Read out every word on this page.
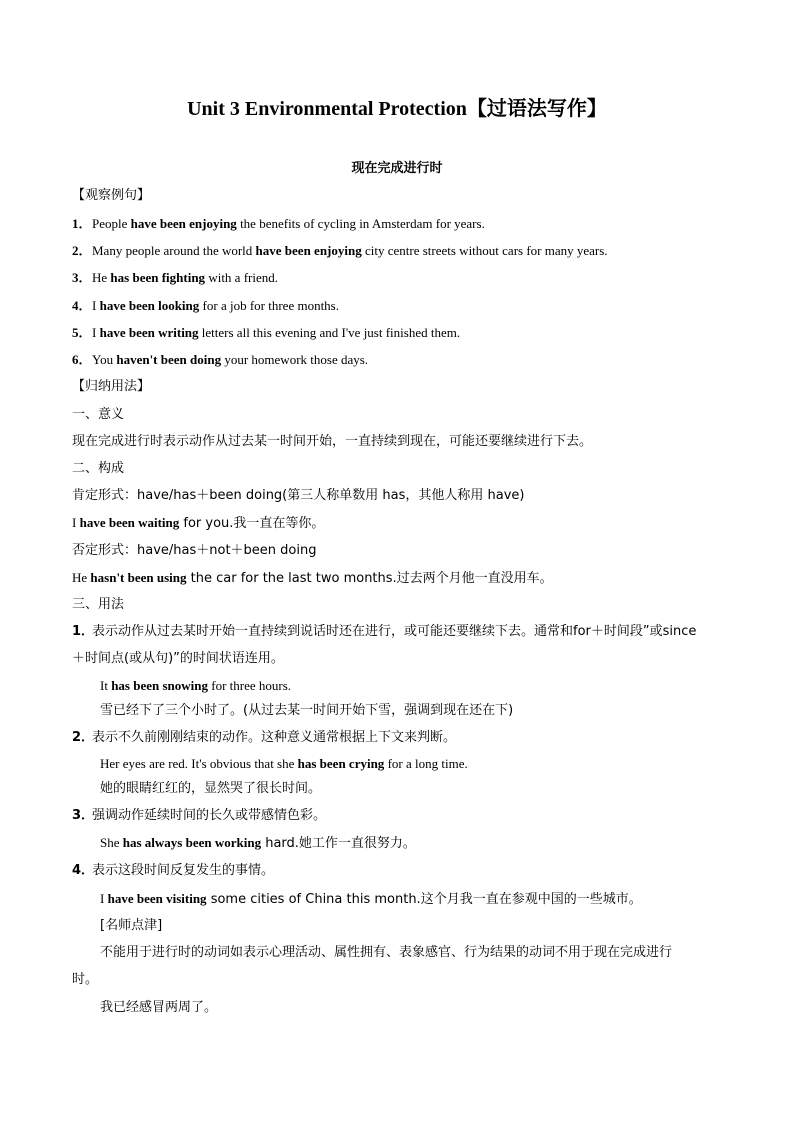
Unit 3 Environmental Protection【过语法写作】
现在完成进行时
【观察例句】
1．People have been enjoying the benefits of cycling in Amsterdam for years.
2．Many people around the world have been enjoying city centre streets without cars for many years.
3．He has been fighting with a friend.
4．I have been looking for a job for three months.
5．I have been writing letters all this evening and I've just finished them.
6．You haven't been doing your homework those days.
【归纳用法】
一、意义
现在完成进行时表示动作从过去某一时间开始，一直持续到现在，可能还要继续进行下去。
二、构成
肯定形式：have/has＋been doing(第三人称单数用 has，其他人称用 have)
I have been waiting for you.我一直在等你。
否定形式：have/has＋not＋been doing
He hasn't been using the car for the last two months.过去两个月他一直没用车。
三、用法
1．表示动作从过去某时开始一直持续到说话时还在进行，或可能还要继续下去。通常和for＋时间段”或since
＋时间点(或从句)”的时间状语连用。
It has been snowing for three hours.
雪已经下了三个小时了。(从过去某一时间开始下雪，强调到现在还在下)
2．表示不久前刚刚结束的动作。这种意义通常根据上下文来判断。
Her eyes are red. It's obvious that she has been crying for a long time.
她的眼睛红红的，显然哭了很长时间。
3．强调动作延续时间的长久或带感情色彩。
She has always been working hard.她工作一直很努力。
4．表示这段时间反复发生的事情。
I have been visiting some cities of China this month.这个月我一直在参观中国的一些城市。
[名师点津]
不能用于进行时的动词如表示心理活动、属性拥有、表象感官、行为结果的动词不用于现在完成进行
时。
我已经感冒两周了。
